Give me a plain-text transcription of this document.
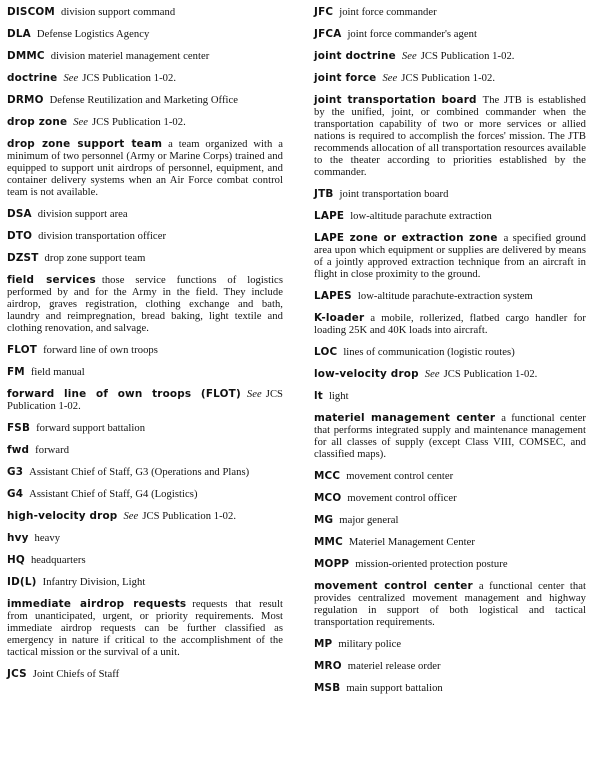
DISCOM division support command
DLA Defense Logistics Agency
DMMC division materiel management center
doctrine See JCS Publication 1-02.
DRMO Defense Reutilization and Marketing Office
drop zone See JCS Publication 1-02.
drop zone support team a team organized with a minimum of two personnel (Army or Marine Corps) trained and equipped to support unit airdrops of personnel, equipment, and container delivery systems when an Air Force combat control team is not available.
DSA division support area
DTO division transportation officer
DZST drop zone support team
field services those service functions of logistics performed by and for the Army in the field. They include airdrop, graves registration, clothing exchange and bath, laundry and reimpregnation, bread baking, light textile and clothing renovation, and salvage.
FLOT forward line of own troops
FM field manual
forward line of own troops (FLOT) See JCS Publication 1-02.
FSB forward support battalion
fwd forward
G3 Assistant Chief of Staff, G3 (Operations and Plans)
G4 Assistant Chief of Staff, G4 (Logistics)
high-velocity drop See JCS Publication 1-02.
hvy heavy
HQ headquarters
ID(L) Infantry Division, Light
immediate airdrop requests requests that result from unanticipated, urgent, or priority requirements. Most immediate airdrop requests can be further classified as emergency in nature if critical to the accomplishment of the tactical mission or the survival of a unit.
JCS Joint Chiefs of Staff
JFC joint force commander
JFCA joint force commander's agent
joint doctrine See JCS Publication 1-02.
joint force See JCS Publication 1-02.
joint transportation board The JTB is established by the unified, joint, or combined commander when the transportation capability of two or more services or allied nations is required to accomplish the forces' mission. The JTB recommends allocation of all transportation resources available to the theater according to priorities established by the commander.
JTB joint transportation board
LAPE low-altitude parachute extraction
LAPE zone or extraction zone a specified ground area upon which equipment or supplies are delivered by means of a jointly approved extraction technique from an aircraft in flight in close proximity to the ground.
LAPES low-altitude parachute-extraction system
K-loader a mobile, rollerized, flatbed cargo handler for loading 25K and 40K loads into aircraft.
LOC lines of communication (logistic routes)
low-velocity drop See JCS Publication 1-02.
lt light
materiel management center a functional center that performs integrated supply and maintenance management for all classes of supply (except Class VIII, COMSEC, and classified maps).
MCC movement control center
MCO movement control officer
MG major general
MMC Materiel Management Center
MOPP mission-oriented protection posture
movement control center a functional center that provides centralized movement management and highway regulation in support of both logistical and tactical transportation requirements.
MP military police
MRO materiel release order
MSB main support battalion
